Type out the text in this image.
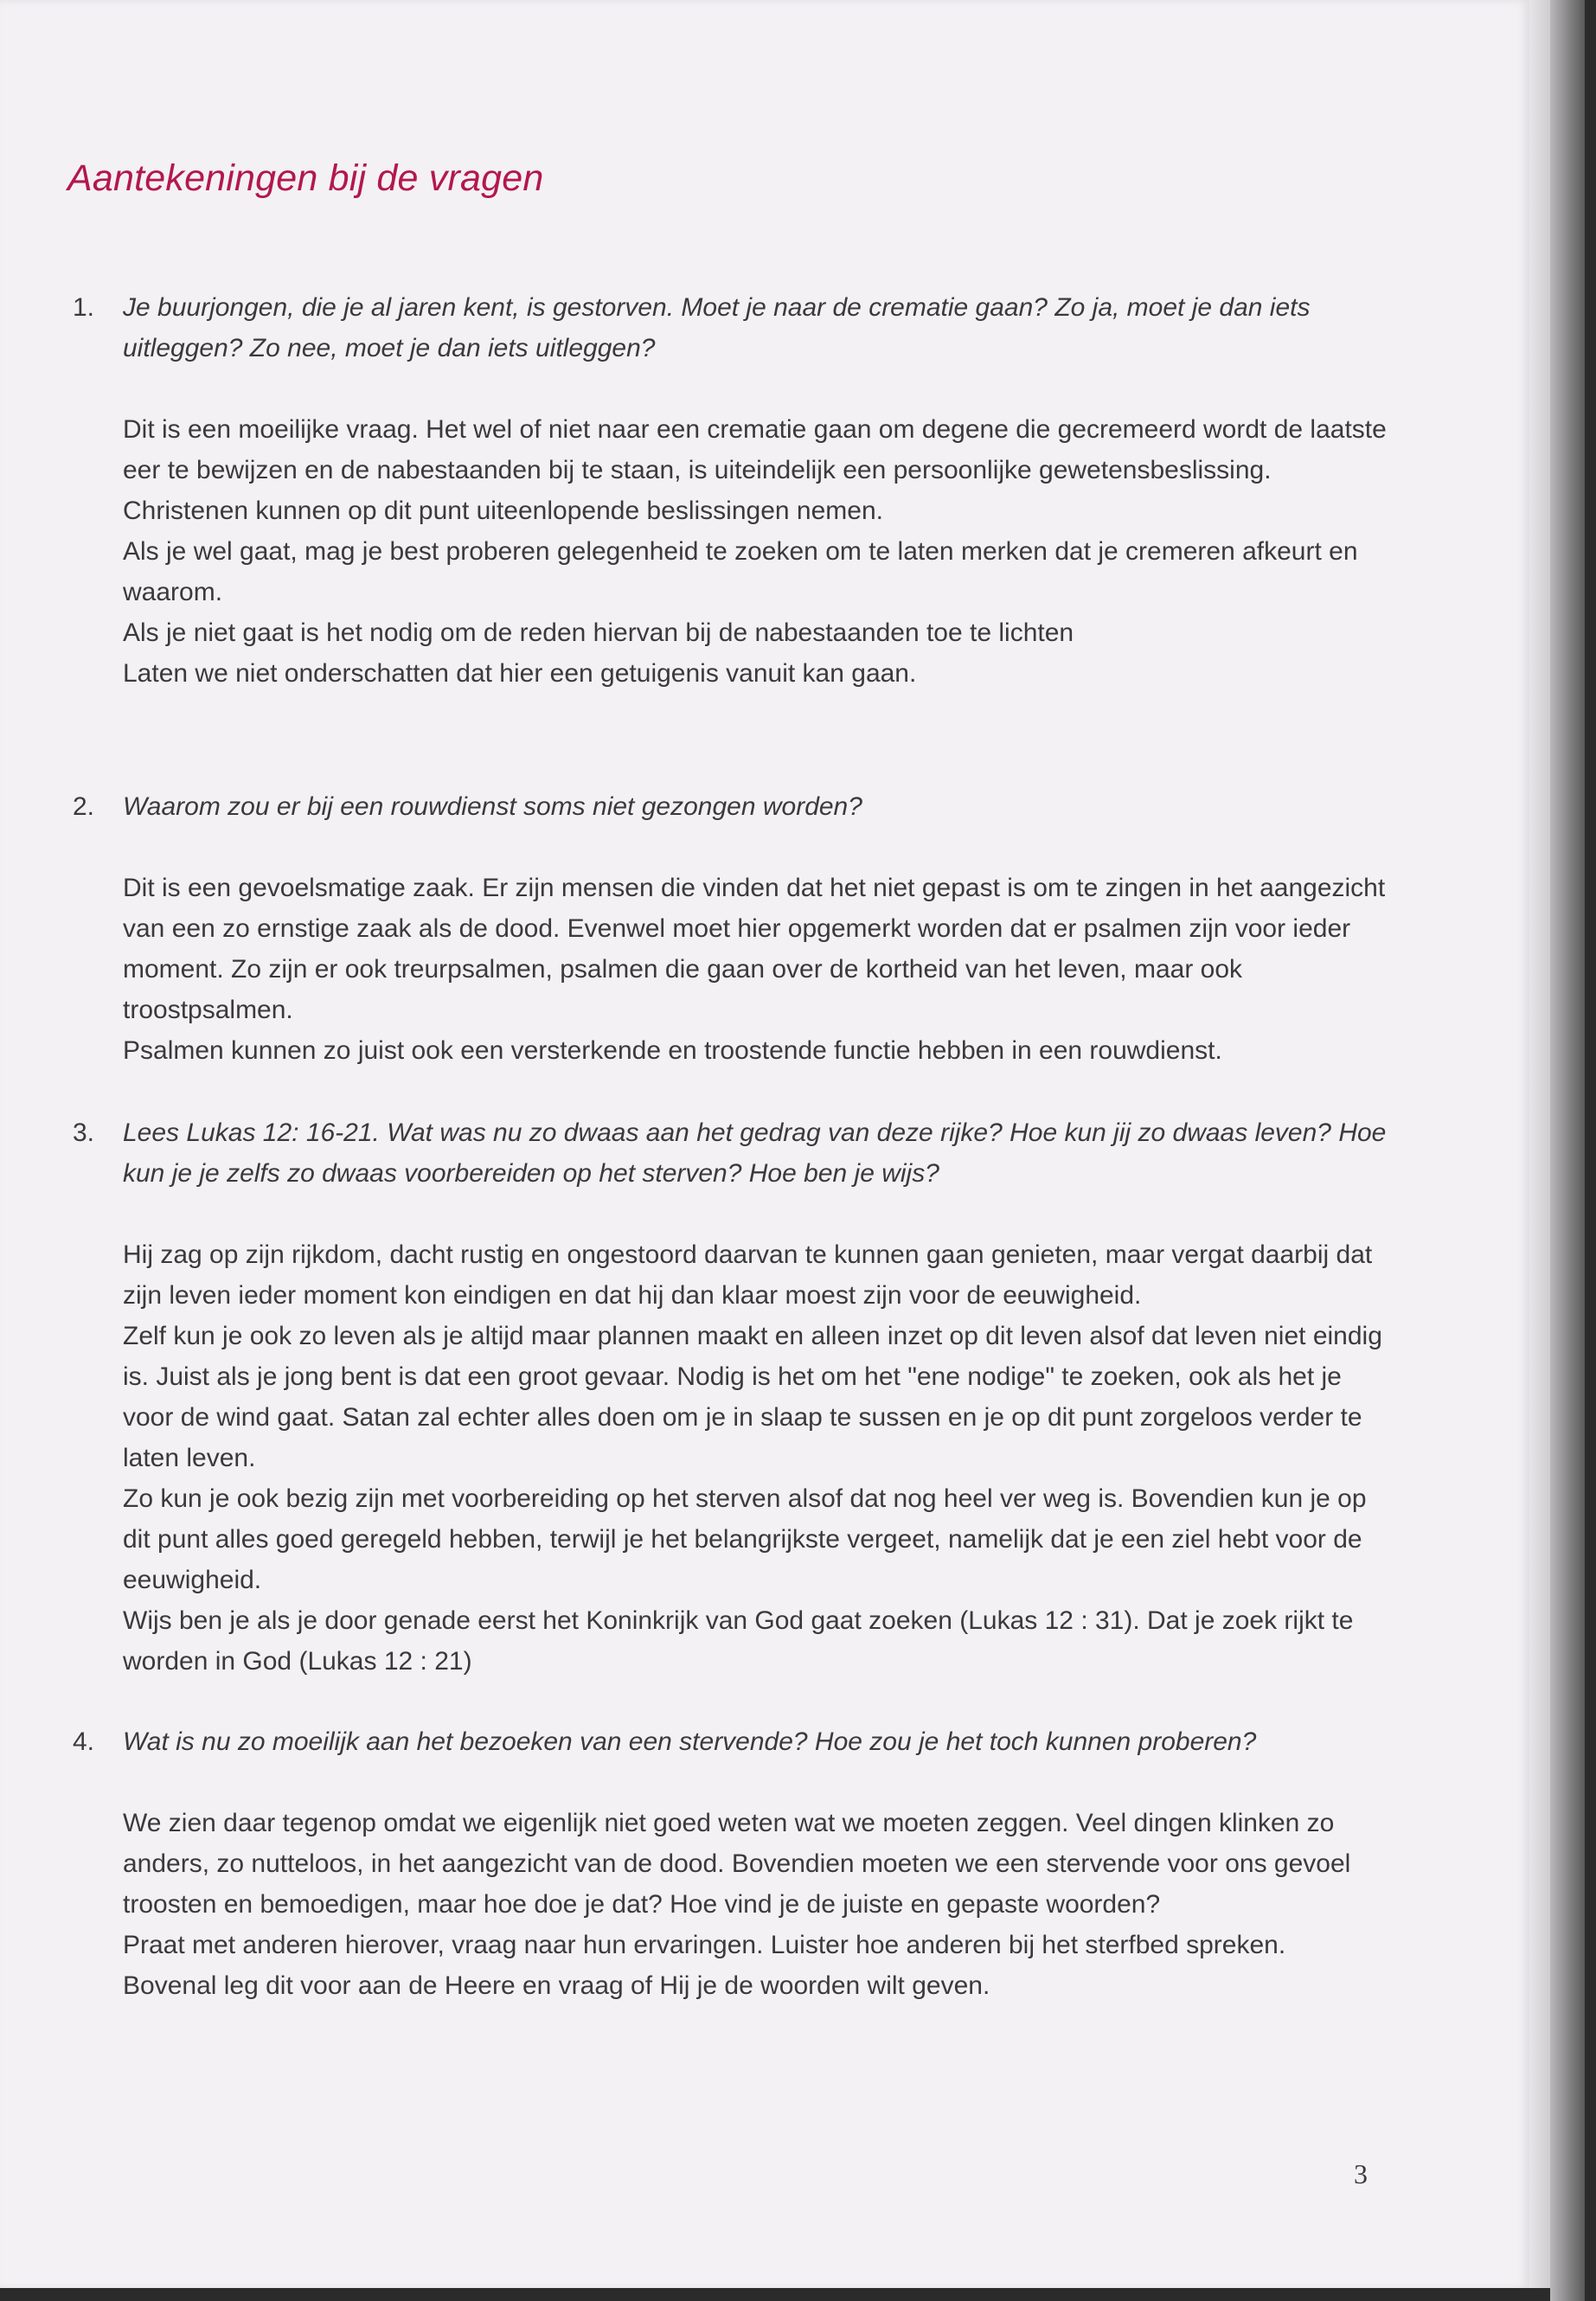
Aantekeningen bij de vragen
1.	Je buurjongen, die je al jaren kent, is gestorven. Moet je naar de crematie gaan? Zo ja, moet je dan iets uitleggen? Zo nee, moet je dan iets uitleggen?

Dit is een moeilijke vraag. Het wel of niet naar een crematie gaan om degene die gecremeerd wordt de laatste eer te bewijzen en de nabestaanden bij te staan, is uiteindelijk een persoonlijke gewetensbeslissing. Christenen kunnen op dit punt uiteenlopende beslissingen nemen.

Als je wel gaat, mag je best proberen gelegenheid te zoeken om te laten merken dat je cremeren afkeurt en waarom.

Als je niet gaat is het nodig om de reden hiervan bij de nabestaanden toe te lichten

Laten we niet onderschatten dat hier een getuigenis vanuit kan gaan.

2.	Waarom zou er bij een rouwdienst soms niet gezongen worden?

Dit is een gevoelsmatige zaak. Er zijn mensen die vinden dat het niet gepast is om te zingen in het aangezicht van een zo ernstige zaak als de dood. Evenwel moet hier opgemerkt worden dat er psalmen zijn voor ieder moment. Zo zijn er ook treurpsalmen, psalmen die gaan over de kortheid van het leven, maar ook troostpsalmen.

Psalmen kunnen zo juist ook een versterkende en troostende functie hebben in een rouwdienst.

3.	Lees Lukas 12: 16-21. Wat was nu zo dwaas aan het gedrag van deze rijke? Hoe kun jij zo dwaas leven? Hoe kun je je zelfs zo dwaas voorbereiden op het sterven? Hoe ben je wijs?

Hij zag op zijn rijkdom, dacht rustig en ongestoord daarvan te kunnen gaan genieten, maar vergat daarbij dat zijn leven ieder moment kon eindigen en dat hij dan klaar moest zijn voor de eeuwigheid.

Zelf kun je ook zo leven als je altijd maar plannen maakt en alleen inzet op dit leven alsof dat leven niet eindig is. Juist als je jong bent is dat een groot gevaar. Nodig is het om het "ene nodige" te zoeken, ook als het je voor de wind gaat. Satan zal echter alles doen om je in slaap te sussen en je op dit punt zorgeloos verder te laten leven.

Zo kun je ook bezig zijn met voorbereiding op het sterven alsof dat nog heel ver weg is. Bovendien kun je op dit punt alles goed geregeld hebben, terwijl je het belangrijkste vergeet, namelijk dat je een ziel hebt voor de eeuwigheid.

Wijs ben je als je door genade eerst het Koninkrijk van God gaat zoeken (Lukas 12 : 31). Dat je zoek rijkt te worden in God (Lukas 12 : 21)

4.	Wat is nu zo moeilijk aan het bezoeken van een stervende? Hoe zou je het toch kunnen proberen?

We zien daar tegenop omdat we eigenlijk niet goed weten wat we moeten zeggen. Veel dingen klinken zo anders, zo nutteloos, in het aangezicht van de dood. Bovendien moeten we een stervende voor ons gevoel troosten en bemoedigen, maar hoe doe je dat? Hoe vind je de juiste en gepaste woorden?

Praat met anderen hierover, vraag naar hun ervaringen. Luister hoe anderen bij het sterfbed spreken.

Bovenal leg dit voor aan de Heere en vraag of Hij je de woorden wilt geven.

3
